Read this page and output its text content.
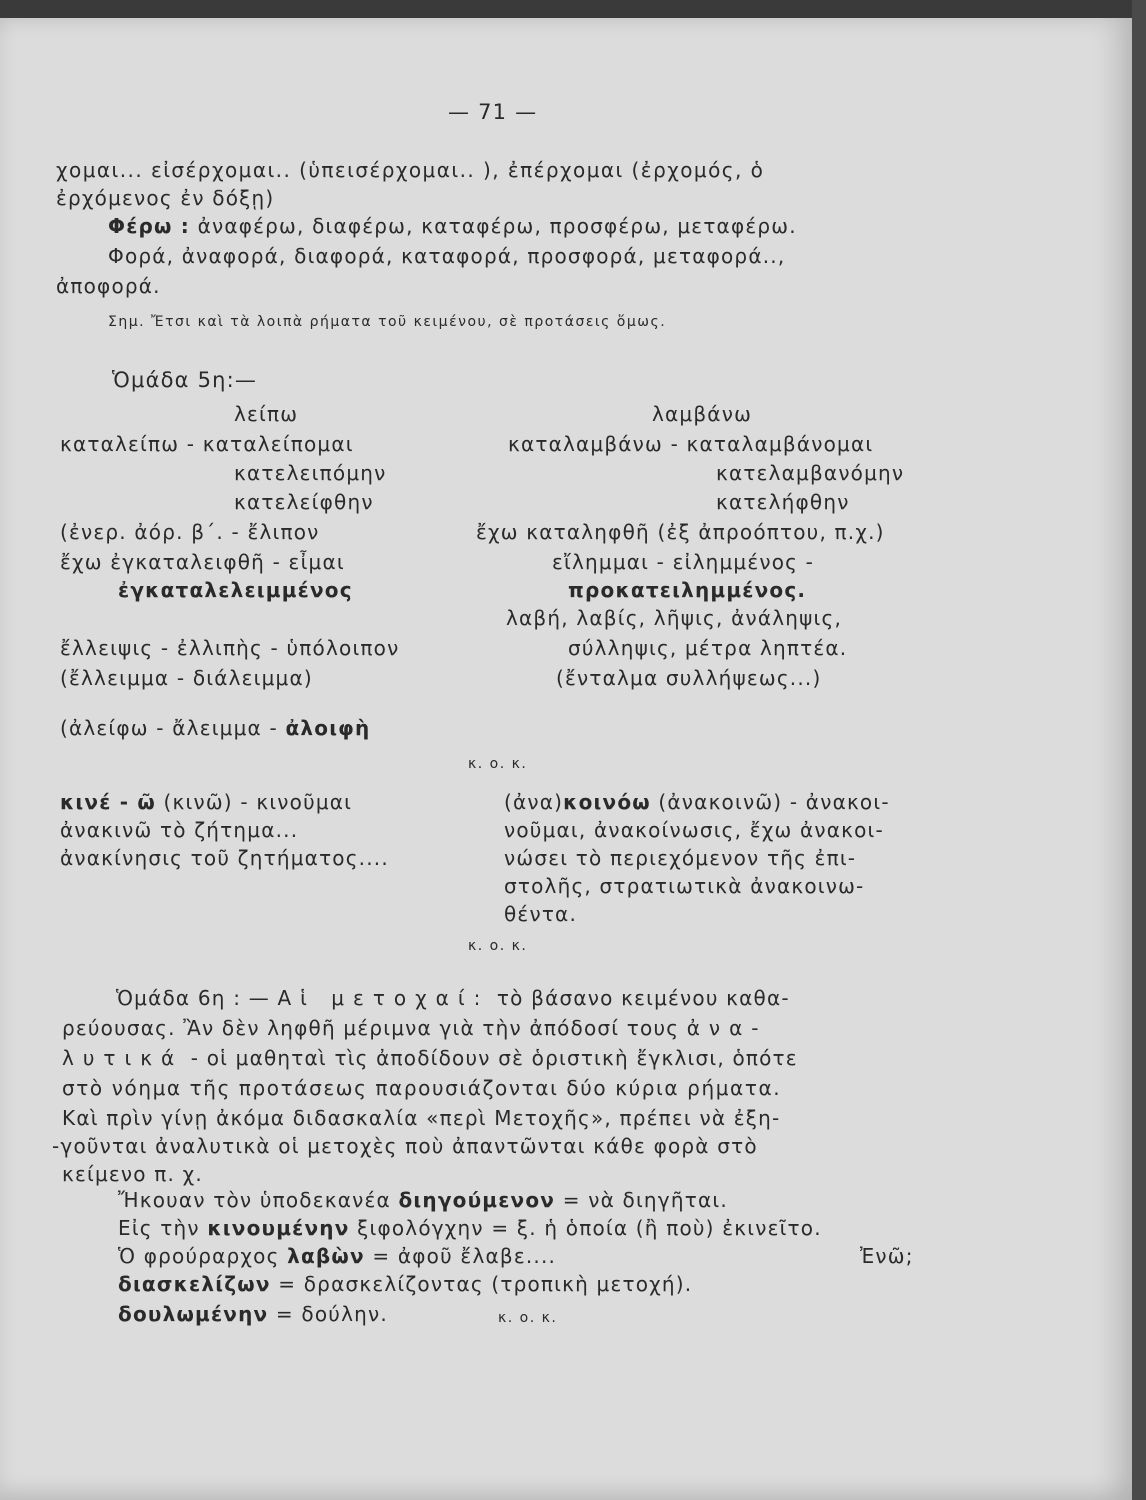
— 71 —
χομαι... εἰσέρχομαι.. (ὑπεισέρχομαι.. ), ἐπέρχομαι (ἐρχομός, ὁ
ἐρχόμενος ἐν δόξῃ)
Φέρω : ἀναφέρω, διαφέρω, καταφέρω, προσφέρω, μεταφέρω.
Φορά, ἀναφορά, διαφορά, καταφορά, προσφορά, μεταφορά..,
ἀποφορά.
Σημ. Ἔτσι καὶ τὰ λοιπὰ ρήματα τοῦ κειμένου, σὲ προτάσεις ὅμως.
Ὁμάδα 5η:—
λείπω
καταλείπω - καταλείπομαι
κατελειπόμην
κατελείφθην
(ἐνερ. ἀόρ. β΄. - ἔλιπον
ἔχω ἐγκαταλειφθῆ - εἶμαι
ἐγκαταλελειμμένος
ἔλλειψις - ἐλλιπὴς - ὑπόλοιπον
(ἔλλειμμα - διάλειμμα)
λαμβάνω
καταλαμβάνω - καταλαμβάνομαι
κατελαμβανόμην
κατελήφθην
ἔχω καταληφθῆ (ἐξ ἀπροόπτου, π.χ.)
εἴλημμαι - εἰλημμένος -
προκατειλημμένος.
λαβή, λαβίς, λῆψις, ἀνάληψις,
σύλληψις, μέτρα ληπτέα.
(ἔνταλμα συλλήψεως...)
(ἀλείφω - ἄλειμμα - ἀλοιφὴ
κ. ο. κ.
κινέ - ῶ (κινῶ) - κινοῦμαι
ἀνακινῶ τὸ ζήτημα...
ἀνακίνησις τοῦ ζητήματος....
(ἀνα)κοινόω (ἀνακοινῶ) - ἀνακοι-
νοῦμαι, ἀνακοίνωσις, ἔχω ἀνακοι-
νώσει τὸ περιεχόμενον τῆς ἐπι-
στολῆς, στρατιωτικὰ ἀνακοινω-
θέντα.
κ. ο. κ.
Ὁμάδα 6η : — Αἱ μετοχαί: τὸ βάσανο κειμένου καθα-
ρεύουσας. Ἂν δὲν ληφθῆ μέριμνα γιὰ τὴν ἀπόδοσί τους ἀνα-
λυτικά - οἱ μαθηταὶ τὶς ἀποδίδουν σὲ ὁριστικὴ ἔγκλισι, ὁπότε
στὸ νόημα τῆς προτάσεως παρουσιάζονται δύο κύρια ρήματα.
Καὶ πρὶν γίνῃ ἀκόμα διδασκαλία «περὶ Μετοχῆς», πρέπει νὰ ἐξη-
-γοῦνται ἀναλυτικὰ οἱ μετοχὲς ποὺ ἀπαντῶνται κάθε φορὰ στὸ
κείμενο π. χ.
Ἤκουαν τὸν ὑποδεκανέα διηγούμενον = νὰ διηγῆται.
Εἰς τὴν κινουμένην ξιφολόγχην = ξ. ἡ ὁποία (ἢ ποὺ) ἐκινεῖτο.
Ὁ φρούραρχος λαβὼν = ἀφοῦ ἔλαβε....	Ἐνῶ;
διασκελίζων = δρασκελίζοντας (τροπικὴ μετοχή).
δουλωμένην = δούλην.	κ. ο. κ.
